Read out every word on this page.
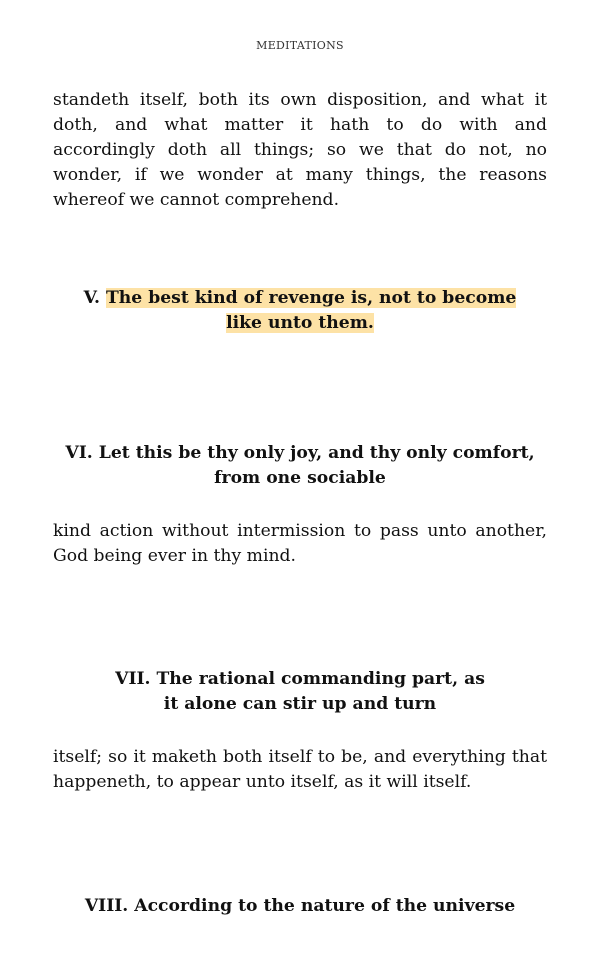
MEDITATIONS

standeth itself, both its own disposition, and what it doth, and what matter it hath to do with and accordingly doth all things; so we that do not, no wonder, if we wonder at many things, the reasons whereof we cannot comprehend.

V. The best kind of revenge is, not to become
like unto them.
VI. Let this be thy only joy, and thy only comfort,
from one sociable

kind action without intermission to pass unto another, God being ever in thy mind.

VII. The rational commanding part, as
it alone can stir up and turn

itself; so it maketh both itself to be, and everything that happeneth, to appear unto itself, as it will itself.

VIII. According to the nature of the universe
